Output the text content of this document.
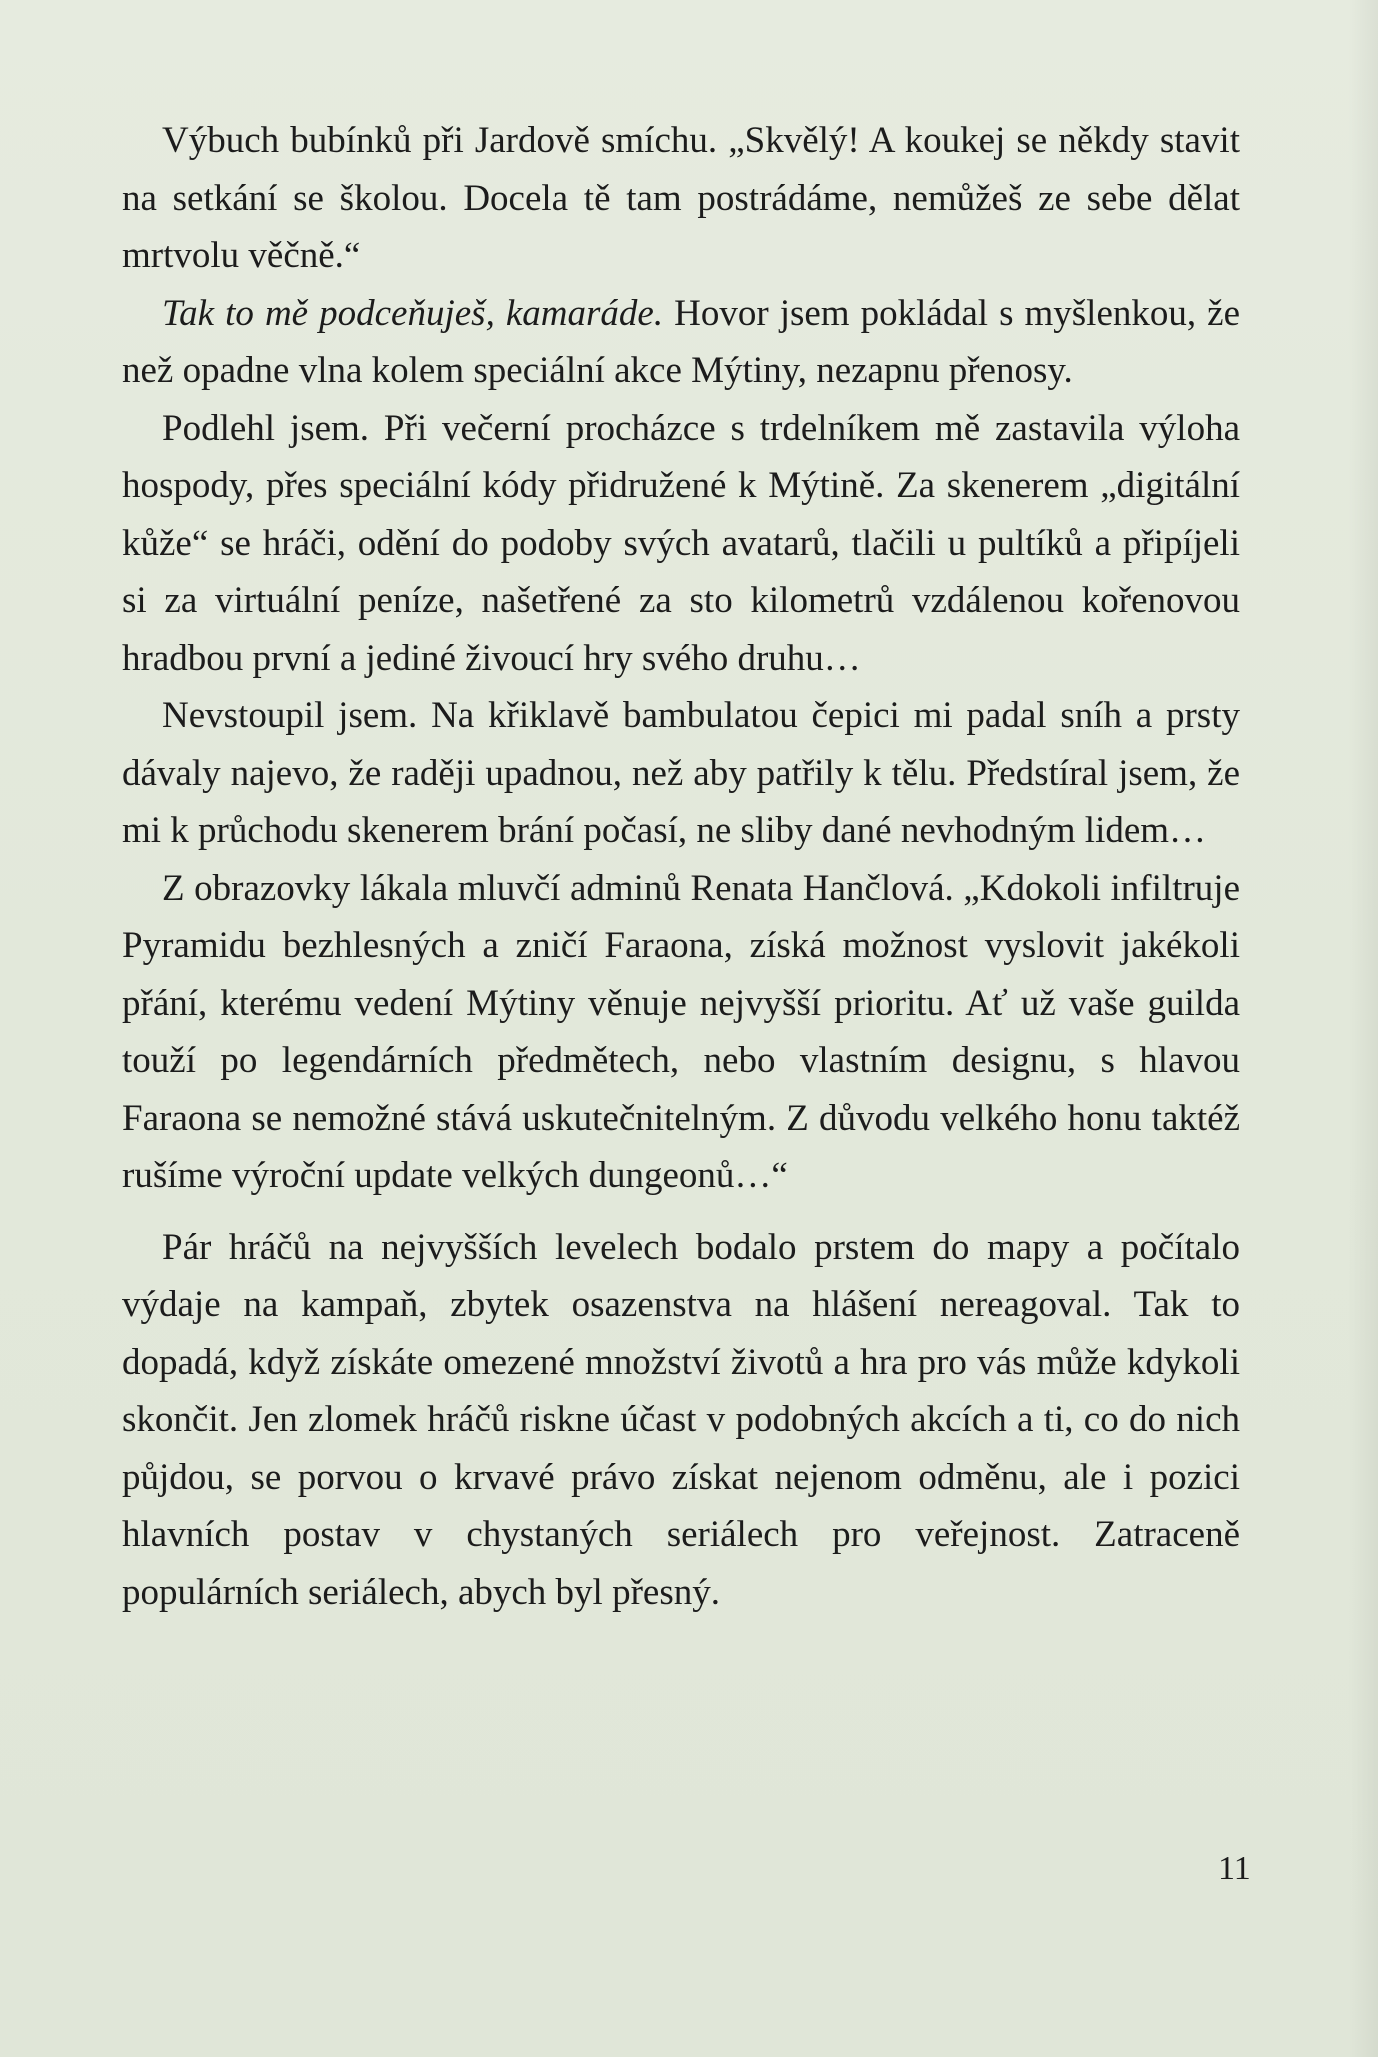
Výbuch bubínků při Jardově smíchu. „Skvělý! A koukej se někdy stavit na setkání se školou. Docela tě tam postrádáme, nemůžeš ze sebe dělat mrtvolu věčně.“

Tak to mě podceňuješ, kamaráde. Hovor jsem pokládal s myšlenkou, že než opadne vlna kolem speciální akce Mýtiny, nezapnu přenosy.

Podlehl jsem. Při večerní procházce s trdelníkem mě zastavila výloha hospody, přes speciální kódy přidružené k Mýtině. Za skenerem „digitální kůže“ se hráči, odění do podoby svých avatarů, tlačili u pultíků a připíjeli si za virtuální peníze, našetřené za sto kilometrů vzdálenou kořenovou hradbou první a jediné živoucí hry svého druhu…

Nevstoupil jsem. Na křiklavě bambulatou čepici mi padal sníh a prsty dávaly najevo, že raději upadnou, než aby patřily k tělu. Předstíral jsem, že mi k průchodu skenerem brání počasí, ne sliby dané nevhodným lidem…

Z obrazovky lákala mluvčí adminů Renata Hančlová. „Kdokoli infiltruje Pyramidu bezhlesných a zničí Faraona, získá možnost vyslovit jakékoli přání, kterému vedení Mýtiny věnuje nejvyšší prioritu. Ať už vaše guilda touží po legendárních předmětech, nebo vlastním designu, s hlavou Faraona se nemožné stává uskutečnitelným. Z důvodu velkého honu taktéž rušíme výroční update velkých dungeonů…“

Pár hráčů na nejvyšších levelech bodalo prstem do mapy a počítalo výdaje na kampaň, zbytek osazenstva na hlášení nereagoval. Tak to dopadá, když získáte omezené množství životů a hra pro vás může kdykoli skončit. Jen zlomek hráčů riskne účast v podobných akcích a ti, co do nich půjdou, se porvou o krvavé právo získat nejenom odměnu, ale i pozici hlavních postav v chystaných seriálech pro veřejnost. Zatraceně populárních seriálech, abych byl přesný.

11
